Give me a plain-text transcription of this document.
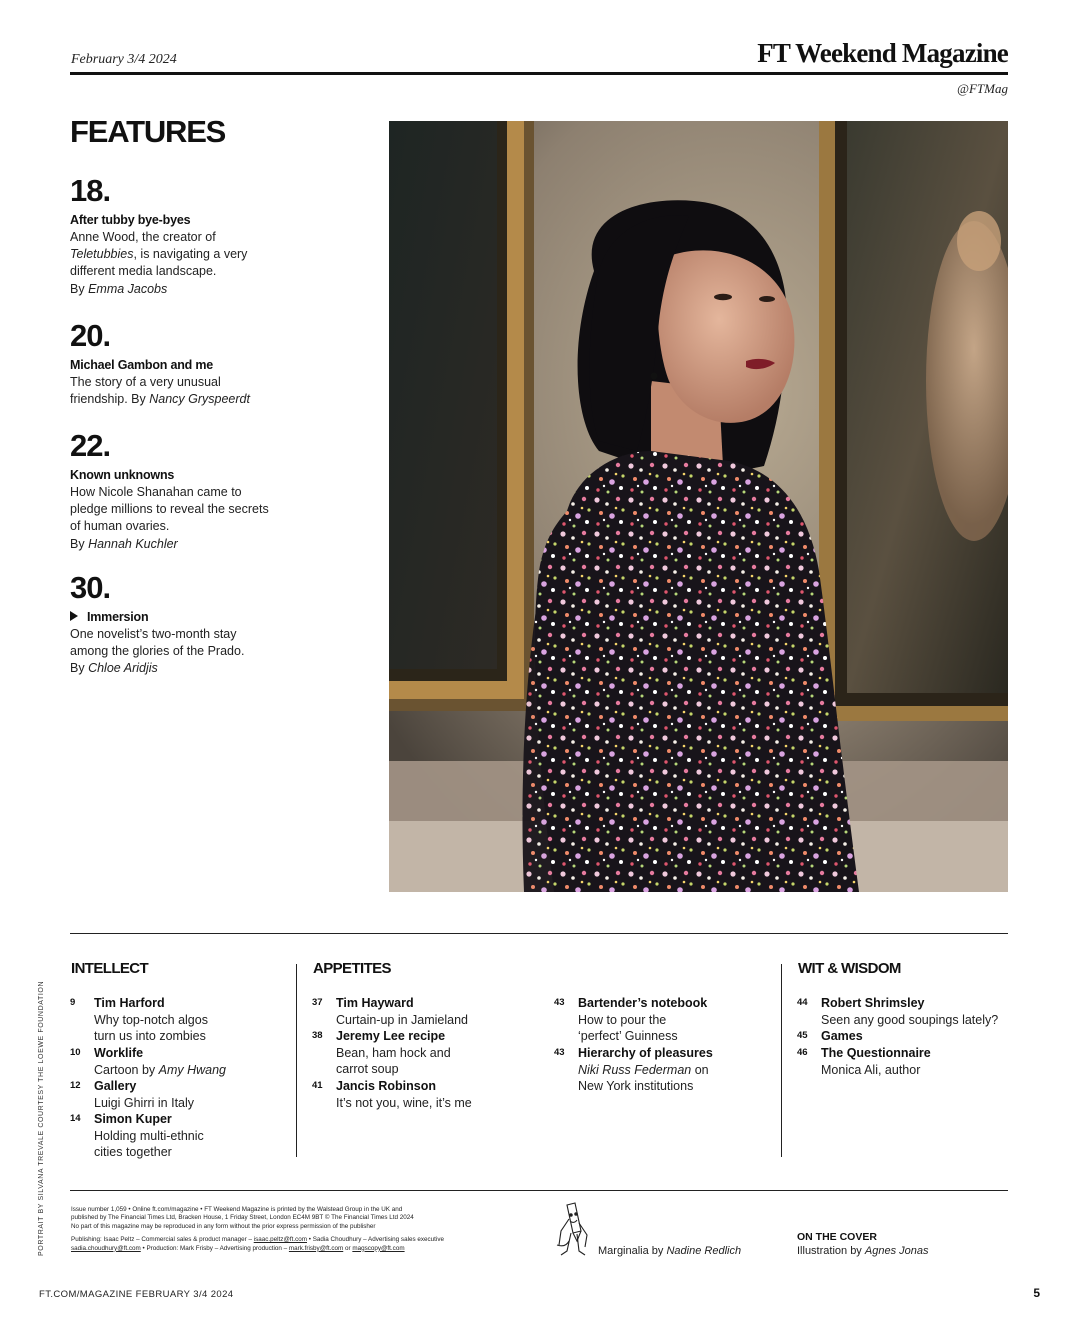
February 3/4 2024	FT Weekend Magazine
@FTMag
FEATURES
18.
After tubby bye-byes
Anne Wood, the creator of Teletubbies, is navigating a very different media landscape.
By Emma Jacobs
20.
Michael Gambon and me
The story of a very unusual friendship. By Nancy Gryspeerdt
22.
Known unknowns
How Nicole Shanahan came to pledge millions to reveal the secrets of human ovaries.
By Hannah Kuchler
30.
Immersion
One novelist’s two-month stay among the glories of the Prado.
By Chloe Aridjis
INTELLECT	APPETITES	WIT & WISDOM
9 Tim Harford
Why top-notch algos turn us into zombies
10 Worklife
Cartoon by Amy Hwang
12 Gallery
Luigi Ghirri in Italy
14 Simon Kuper
Holding multi-ethnic cities together
37 Tim Hayward
Curtain-up in Jamieland
38 Jeremy Lee recipe
Bean, ham hock and carrot soup
41 Jancis Robinson
It’s not you, wine, it’s me
43 Bartender’s notebook
How to pour the ‘perfect’ Guinness
43 Hierarchy of pleasures
Niki Russ Federman on New York institutions
44 Robert Shrimsley
Seen any good soupings lately?
45 Games
46 The Questionnaire
Monica Ali, author
Issue number 1,059 • Online ft.com/magazine • FT Weekend Magazine is printed by the Walstead Group in the UK and
published by The Financial Times Ltd, Bracken House, 1 Friday Street, London EC4M 9BT © The Financial Times Ltd 2024
No part of this magazine may be reproduced in any form without the prior express permission of the publisher
Publishing: Isaac Peltz – Commercial sales & product manager – isaac.peltz@ft.com • Sadia Choudhury – Advertising sales executive
sadia.choudhury@ft.com • Production: Mark Frisby – Advertising production – mark.frisby@ft.com or magscopy@ft.com	Marginalia by Nadine Redlich
ON THE COVER
Illustration by Agnes Jonas
PORTRAIT BY SILVANA TREVALE COURTESY THE LOEWE FOUNDATION
FT.COM/MAGAZINE FEBRUARY 3/4 2024	5
